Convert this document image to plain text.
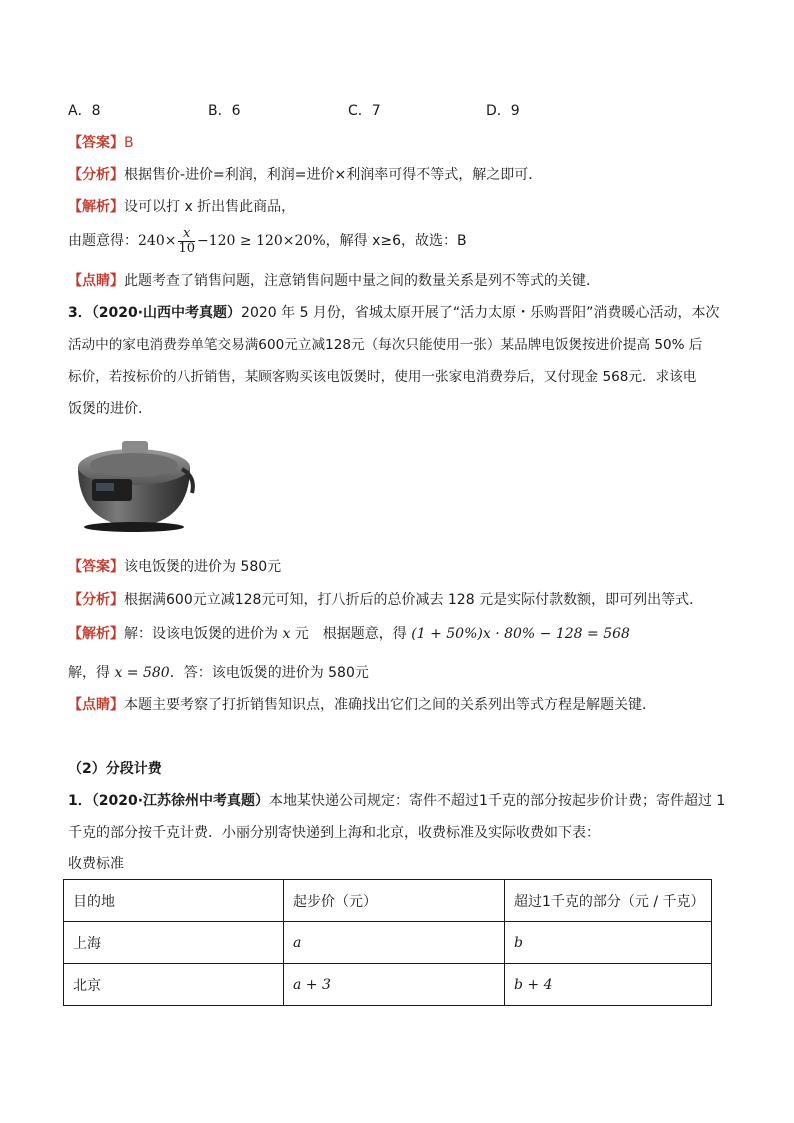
A．8	B．6	C．7	D．9
【答案】B
【分析】根据售价-进价=利润，利润=进价×利润率可得不等式，解之即可．
【解析】设可以打 x 折出售此商品，
由题意得：$240\times \frac{x}{10} -120 \ge 120\times 20\%$，解得 x≥6，故选：B
【点睛】此题考查了销售问题，注意销售问题中量之间的数量关系是列不等式的关键．
3．（2020·山西中考真题）2020 年 5 月份，省城太原开展了“活力太原・乐购晋阳”消费暖心活动，本次
活动中的家电消费券单笔交易满600元立减128元（每次只能使用一张）某品牌电饭煲按进价提高 50% 后
标价，若按标价的八折销售，某顾客购买该电饭煲时，使用一张家电消费券后，又付现金 568元．求该电
饭煲的进价．
【答案】该电饭煲的进价为 580元
【分析】根据满600元立减128元可知，打八折后的总价减去 128 元是实际付款数额，即可列出等式．
【解析】解：设该电饭煲的进价为 x 元　根据题意，得 (1 + 50%)x · 80% − 128 = 568
解，得 x = 580．答：该电饭煲的进价为 580元
【点睛】本题主要考察了打折销售知识点，准确找出它们之间的关系列出等式方程是解题关键．
（2）分段计费
1．（2020·江苏徐州中考真题）本地某快递公司规定：寄件不超过1千克的部分按起步价计费；寄件超过 1
千克的部分按千克计费．小丽分别寄快递到上海和北京，收费标准及实际收费如下表：
收费标准
目的地	起步价（元）	超过1千克的部分（元 / 千克）
上海	a	b
北京	a + 3	b + 4
